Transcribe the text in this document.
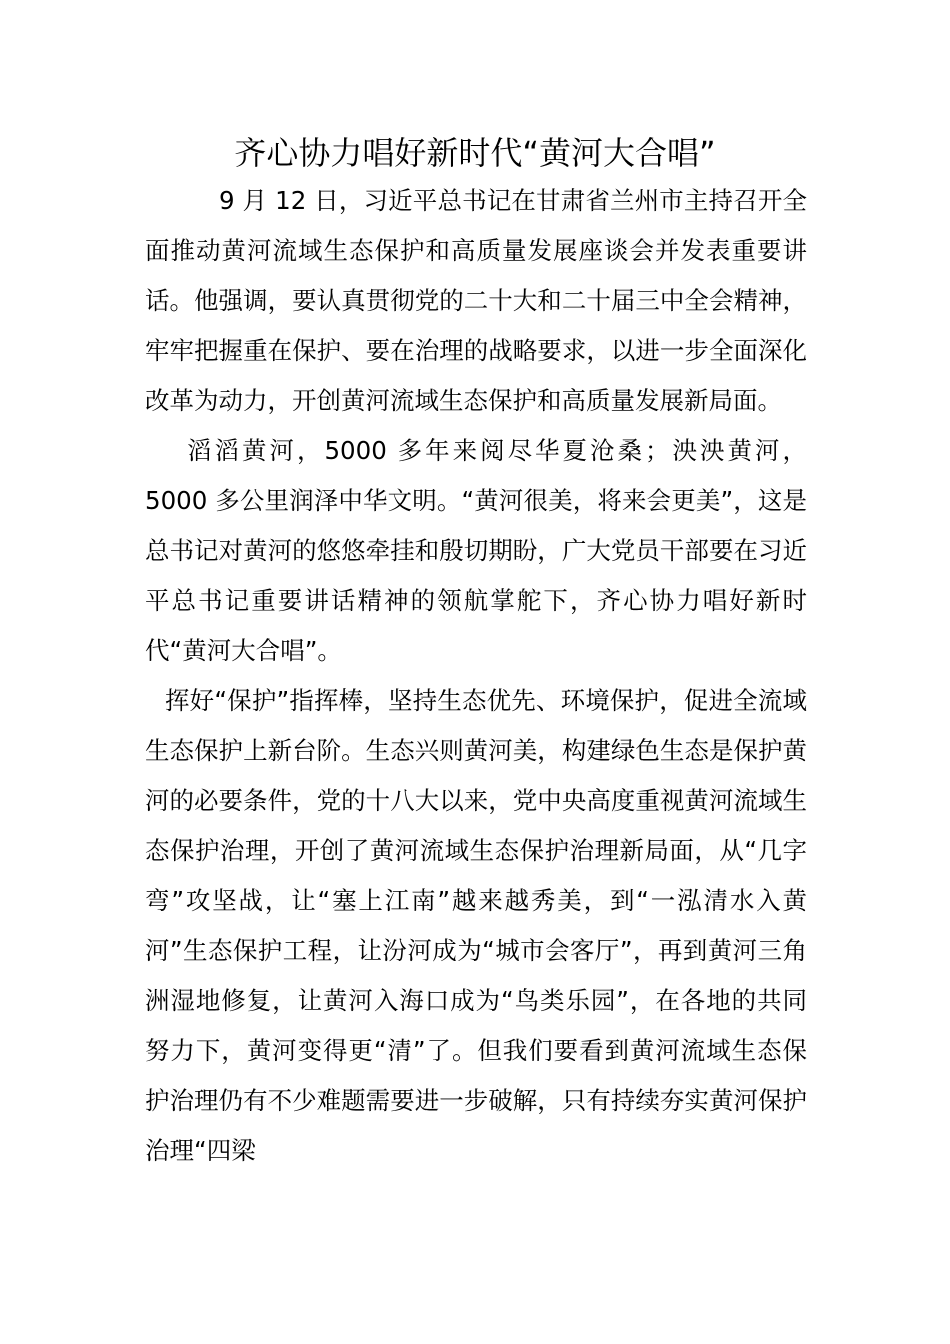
齐心协力唱好新时代“黄河大合唱”

9 月 12 日，习近平总书记在甘肃省兰州市主持召开全面推动黄河流域生态保护和高质量发展座谈会并发表重要讲话。他强调，要认真贯彻党的二十大和二十届三中全会精神，牢牢把握重在保护、要在治理的战略要求，以进一步全面深化改革为动力，开创黄河流域生态保护和高质量发展新局面。

滔滔黄河，5000 多年来阅尽华夏沧桑；泱泱黄河，5000 多公里润泽中华文明。“黄河很美，将来会更美”，这是总书记对黄河的悠悠牵挂和殷切期盼，广大党员干部要在习近平总书记重要讲话精神的领航掌舵下，齐心协力唱好新时代“黄河大合唱”。

挥好“保护”指挥棒，坚持生态优先、环境保护，促进全流域生态保护上新台阶。生态兴则黄河美，构建绿色生态是保护黄河的必要条件，党的十八大以来，党中央高度重视黄河流域生态保护治理，开创了黄河流域生态保护治理新局面，从“几字弯”攻坚战，让“塞上江南”越来越秀美，到“一泓清水入黄河”生态保护工程，让汾河成为“城市会客厅”，再到黄河三角洲湿地修复，让黄河入海口成为“鸟类乐园”，在各地的共同努力下，黄河变得更“清”了。但我们要看到黄河流域生态保护治理仍有不少难题需要进一步破解，只有持续夯实黄河保护治理“四梁
